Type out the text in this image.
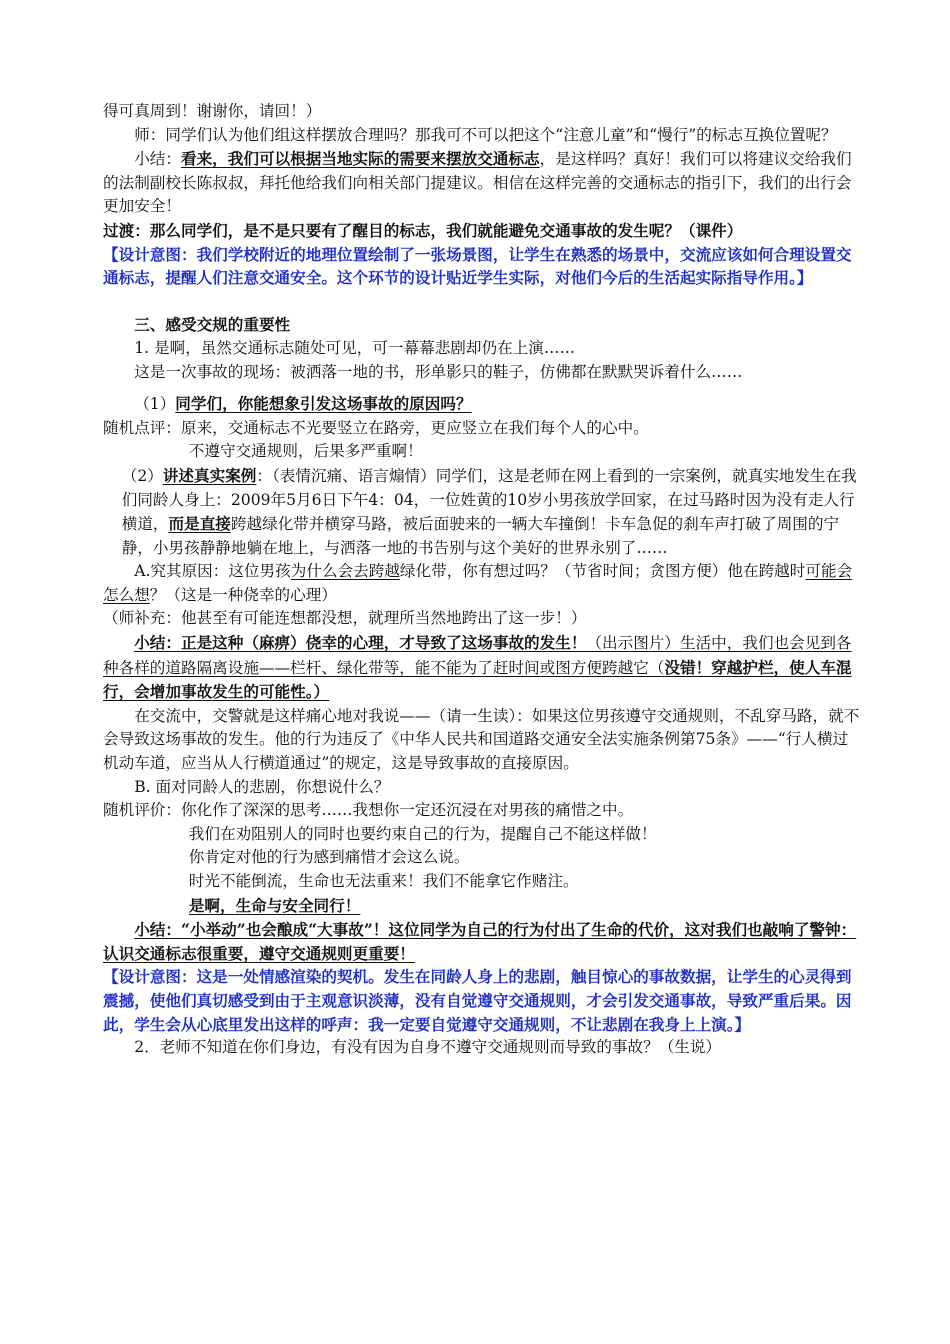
得可真周到！谢谢你，请回！）

师：同学们认为他们组这样摆放合理吗？那我可不可以把这个“注意儿童”和“慢行”的标志互换位置呢？

小结：看来，我们可以根据当地实际的需要来摆放交通标志，是这样吗？真好！我们可以将建议交给我们的法制副校长陈叔叔，拜托他给我们向相关部门提建议。相信在这样完善的交通标志的指引下，我们的出行会更加安全！

过渡：那么同学们，是不是只要有了醒目的标志，我们就能避免交通事故的发生呢？（课件）

【设计意图：我们学校附近的地理位置绘制了一张场景图，让学生在熟悉的场景中，交流应该如何合理设置交通标志，提醒人们注意交通安全。这个环节的设计贴近学生实际，对他们今后的生活起实际指导作用。】

三、感受交规的重要性

1. 是啊，虽然交通标志随处可见，可一幕幕悲剧却仍在上演……

这是一次事故的现场：被洒落一地的书，形单影只的鞋子，仿佛都在默默哭诉着什么……

（1）同学们，你能想象引发这场事故的原因吗？

随机点评：原来，交通标志不光要竖立在路旁，更应竖立在我们每个人的心中。

不遵守交通规则，后果多严重啊！

（2）讲述真实案例：（表情沉痛、语言煽情）同学们，这是老师在网上看到的一宗案例，就真实地发生在我们同龄人身上：2009年5月6日下午4：04，一位姓黄的10岁小男孩放学回家，在过马路时因为没有走人行横道，而是直接跨越绿化带并横穿马路，被后面驶来的一辆大车撞倒！卡车急促的刹车声打破了周围的宁静，小男孩静静地躺在地上，与洒落一地的书告别与这个美好的世界永别了……

A.究其原因：这位男孩为什么会去跨越绿化带，你有想过吗？（节省时间；贪图方便）他在跨越时可能会怎么想？（这是一种侥幸的心理）

（师补充：他甚至有可能连想都没想，就理所当然地跨出了这一步！）

小结：正是这种（麻痹）侥幸的心理，才导致了这场事故的发生！（出示图片）生活中，我们也会见到各种各样的道路隔离设施——栏杆、绿化带等，能不能为了赶时间或图方便跨越它（没错！穿越护栏，使人车混行，会增加事故发生的可能性。）

在交流中，交警就是这样痛心地对我说——（请一生读）：如果这位男孩遵守交通规则，不乱穿马路，就不会导致这场事故的发生。他的行为违反了《中华人民共和国道路交通安全法实施条例第75条》——“行人横过机动车道，应当从人行横道通过”的规定，这是导致事故的直接原因。

B. 面对同龄人的悲剧，你想说什么？

随机评价：你化作了深深的思考……我想你一定还沉浸在对男孩的痛惜之中。

我们在劝阻别人的同时也要约束自己的行为，提醒自己不能这样做！

你肯定对他的行为感到痛惜才会这么说。

时光不能倒流，生命也无法重来！我们不能拿它作赌注。

是啊，生命与安全同行！

小结：“小举动”也会酿成“大事故”！这位同学为自己的行为付出了生命的代价，这对我们也敲响了警钟：认识交通标志很重要，遵守交通规则更重要！

【设计意图：这是一处情感渲染的契机。发生在同龄人身上的悲剧，触目惊心的事故数据，让学生的心灵得到震撼，使他们真切感受到由于主观意识淡薄，没有自觉遵守交通规则，才会引发交通事故，导致严重后果。因此，学生会从心底里发出这样的呼声：我一定要自觉遵守交通规则，不让悲剧在我身上上演。】

2．老师不知道在你们身边，有没有因为自身不遵守交通规则而导致的事故？（生说）
